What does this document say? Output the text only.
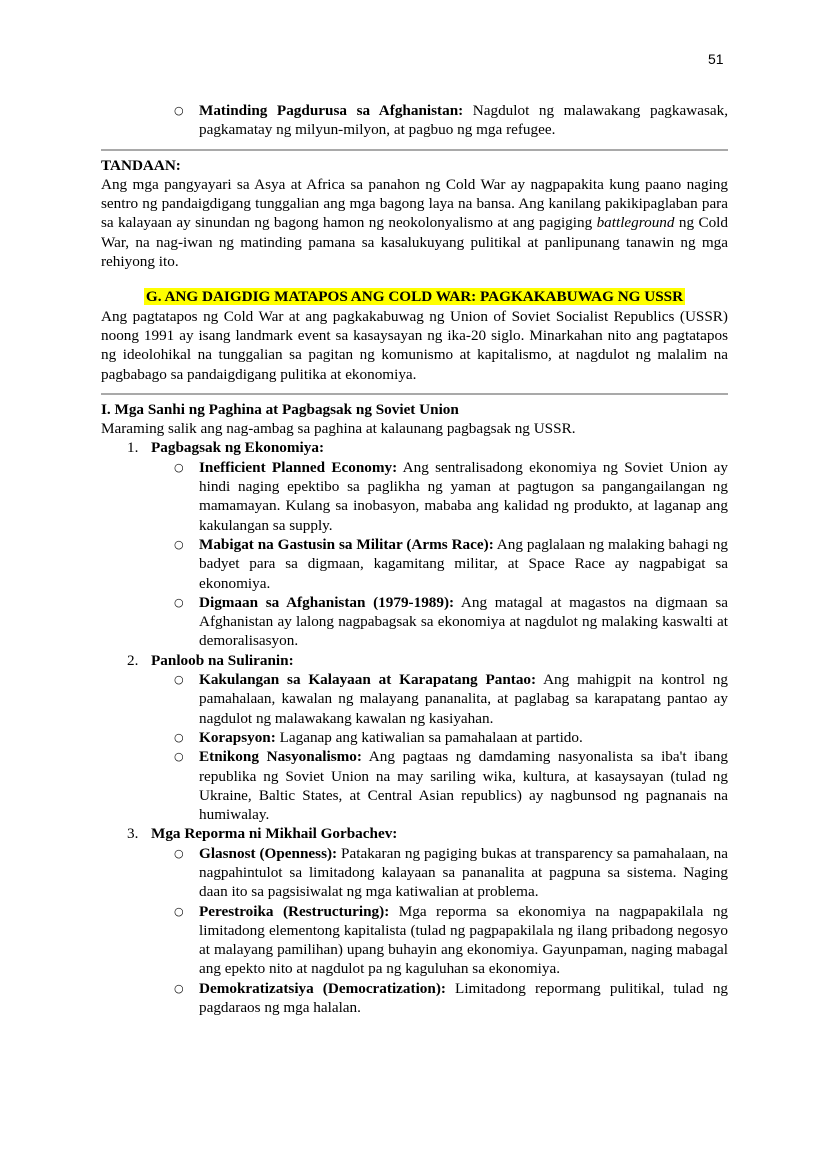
51
○	Matinding Pagdurusa sa Afghanistan: Nagdulot ng malawakang pagkawasak, pagkamatay ng milyun-milyon, at pagbuo ng mga refugee.

TANDAAN:

Ang mga pangyayari sa Asya at Africa sa panahon ng Cold War ay nagpapakita kung paano naging sentro ng pandaigdigang tunggalian ang mga bagong laya na bansa. Ang kanilang pakikipaglaban para sa kalayaan ay sinundan ng bagong hamon ng neokolonyalismo at ang pagiging battleground ng Cold War, na nag-iwan ng matinding pamana sa kasalukuyang pulitikal at panlipunang tanawin ng mga rehiyong ito.

G. ANG DAIGDIG MATAPOS ANG COLD WAR: PAGKAKABUWAG NG USSR

Ang pagtatapos ng Cold War at ang pagkakabuwag ng Union of Soviet Socialist Republics (USSR) noong 1991 ay isang landmark event sa kasaysayan ng ika-20 siglo. Minarkahan nito ang pagtatapos ng ideolohikal na tunggalian sa pagitan ng komunismo at kapitalismo, at nagdulot ng malalim na pagbabago sa pandaigdigang pulitika at ekonomiya.

I. Mga Sanhi ng Paghina at Pagbagsak ng Soviet Union

Maraming salik ang nag-ambag sa paghina at kalaunang pagbagsak ng USSR.

1. Pagbagsak ng Ekonomiya:
○	Inefficient Planned Economy: Ang sentralisadong ekonomiya ng Soviet Union ay hindi naging epektibo sa paglikha ng yaman at pagtugon sa pangangailangan ng mamamayan. Kulang sa inobasyon, mababa ang kalidad ng produkto, at laganap ang kakulangan sa supply.
○	Mabigat na Gastusin sa Militar (Arms Race): Ang paglalaan ng malaking bahagi ng badyet para sa digmaan, kagamitang militar, at Space Race ay nagpabigat sa ekonomiya.
○	Digmaan sa Afghanistan (1979-1989): Ang matagal at magastos na digmaan sa Afghanistan ay lalong nagpabagsak sa ekonomiya at nagdulot ng malaking kaswalti at demoralisasyon.
2. Panloob na Suliranin:
○	Kakulangan sa Kalayaan at Karapatang Pantao: Ang mahigpit na kontrol ng pamahalaan, kawalan ng malayang pananalita, at paglabag sa karapatang pantao ay nagdulot ng malawakang kawalan ng kasiyahan.
○	Korapsyon: Laganap ang katiwalian sa pamahalaan at partido.
○	Etnikong Nasyonalismo: Ang pagtaas ng damdaming nasyonalista sa iba't ibang republika ng Soviet Union na may sariling wika, kultura, at kasaysayan (tulad ng Ukraine, Baltic States, at Central Asian republics) ay nagbunsod ng pagnanais na humiwalay.
3. Mga Reporma ni Mikhail Gorbachev:
○	Glasnost (Openness): Patakaran ng pagiging bukas at transparency sa pamahalaan, na nagpahintulot sa limitadong kalayaan sa pananalita at pagpuna sa sistema. Naging daan ito sa pagsisiwalat ng mga katiwalian at problema.
○	Perestroika (Restructuring): Mga reporma sa ekonomiya na nagpapakilala ng limitadong elementong kapitalista (tulad ng pagpapakilala ng ilang pribadong negosyo at malayang pamilihan) upang buhayin ang ekonomiya. Gayunpaman, naging mabagal ang epekto nito at nagdulot pa ng kaguluhan sa ekonomiya.
○	Demokratizatsiya (Democratization): Limitadong repormang pulitikal, tulad ng pagdaraos ng mga halalan.
